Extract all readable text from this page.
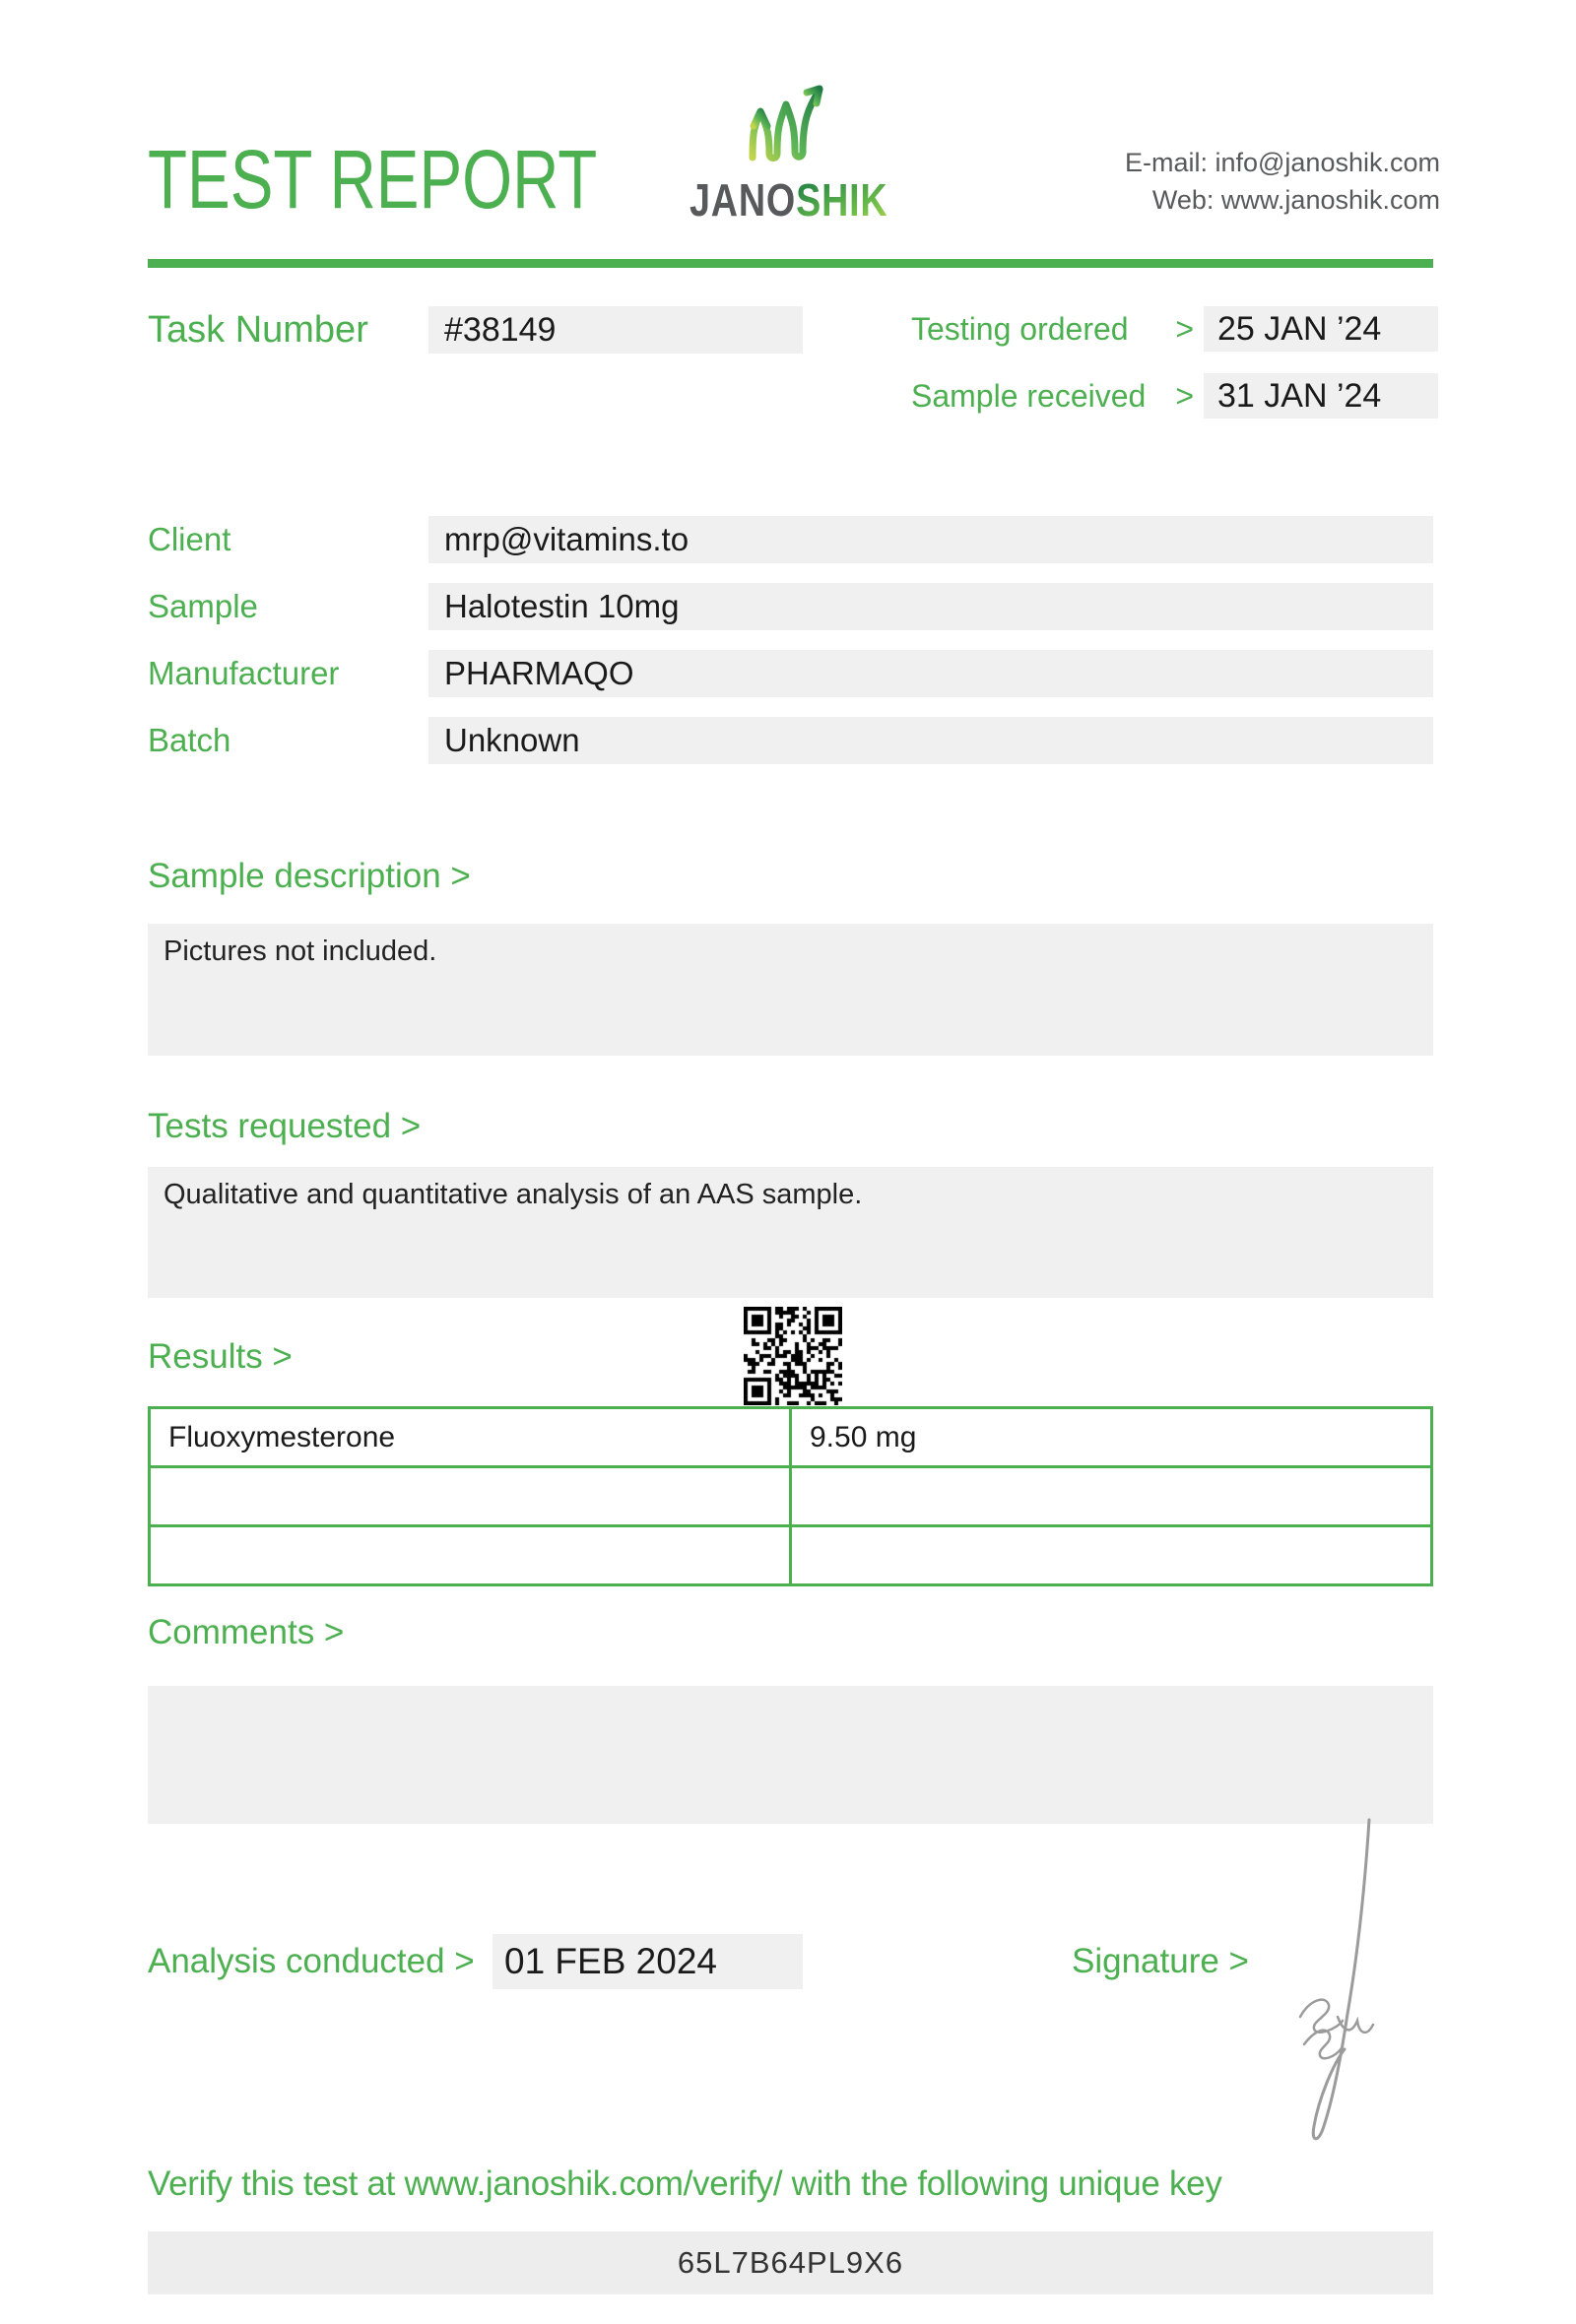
TEST REPORT	JANOSHIK
E-mail: info@janoshik.com
Web: www.janoshik.com
Task Number	#38149	Testing ordered > 25 JAN ’24
Sample received > 31 JAN ’24
Client	mrp@vitamins.to
Sample	Halotestin 10mg
Manufacturer	PHARMAQO
Batch	Unknown
Sample description >
Pictures not included.
Tests requested >
Qualitative and quantitative analysis of an AAS sample.
Results >
Fluoxymesterone	9.50 mg

Comments >
Analysis conducted > 01 FEB 2024	Signature >
Verify this test at www.janoshik.com/verify/ with the following unique key
65L7B64PL9X6
